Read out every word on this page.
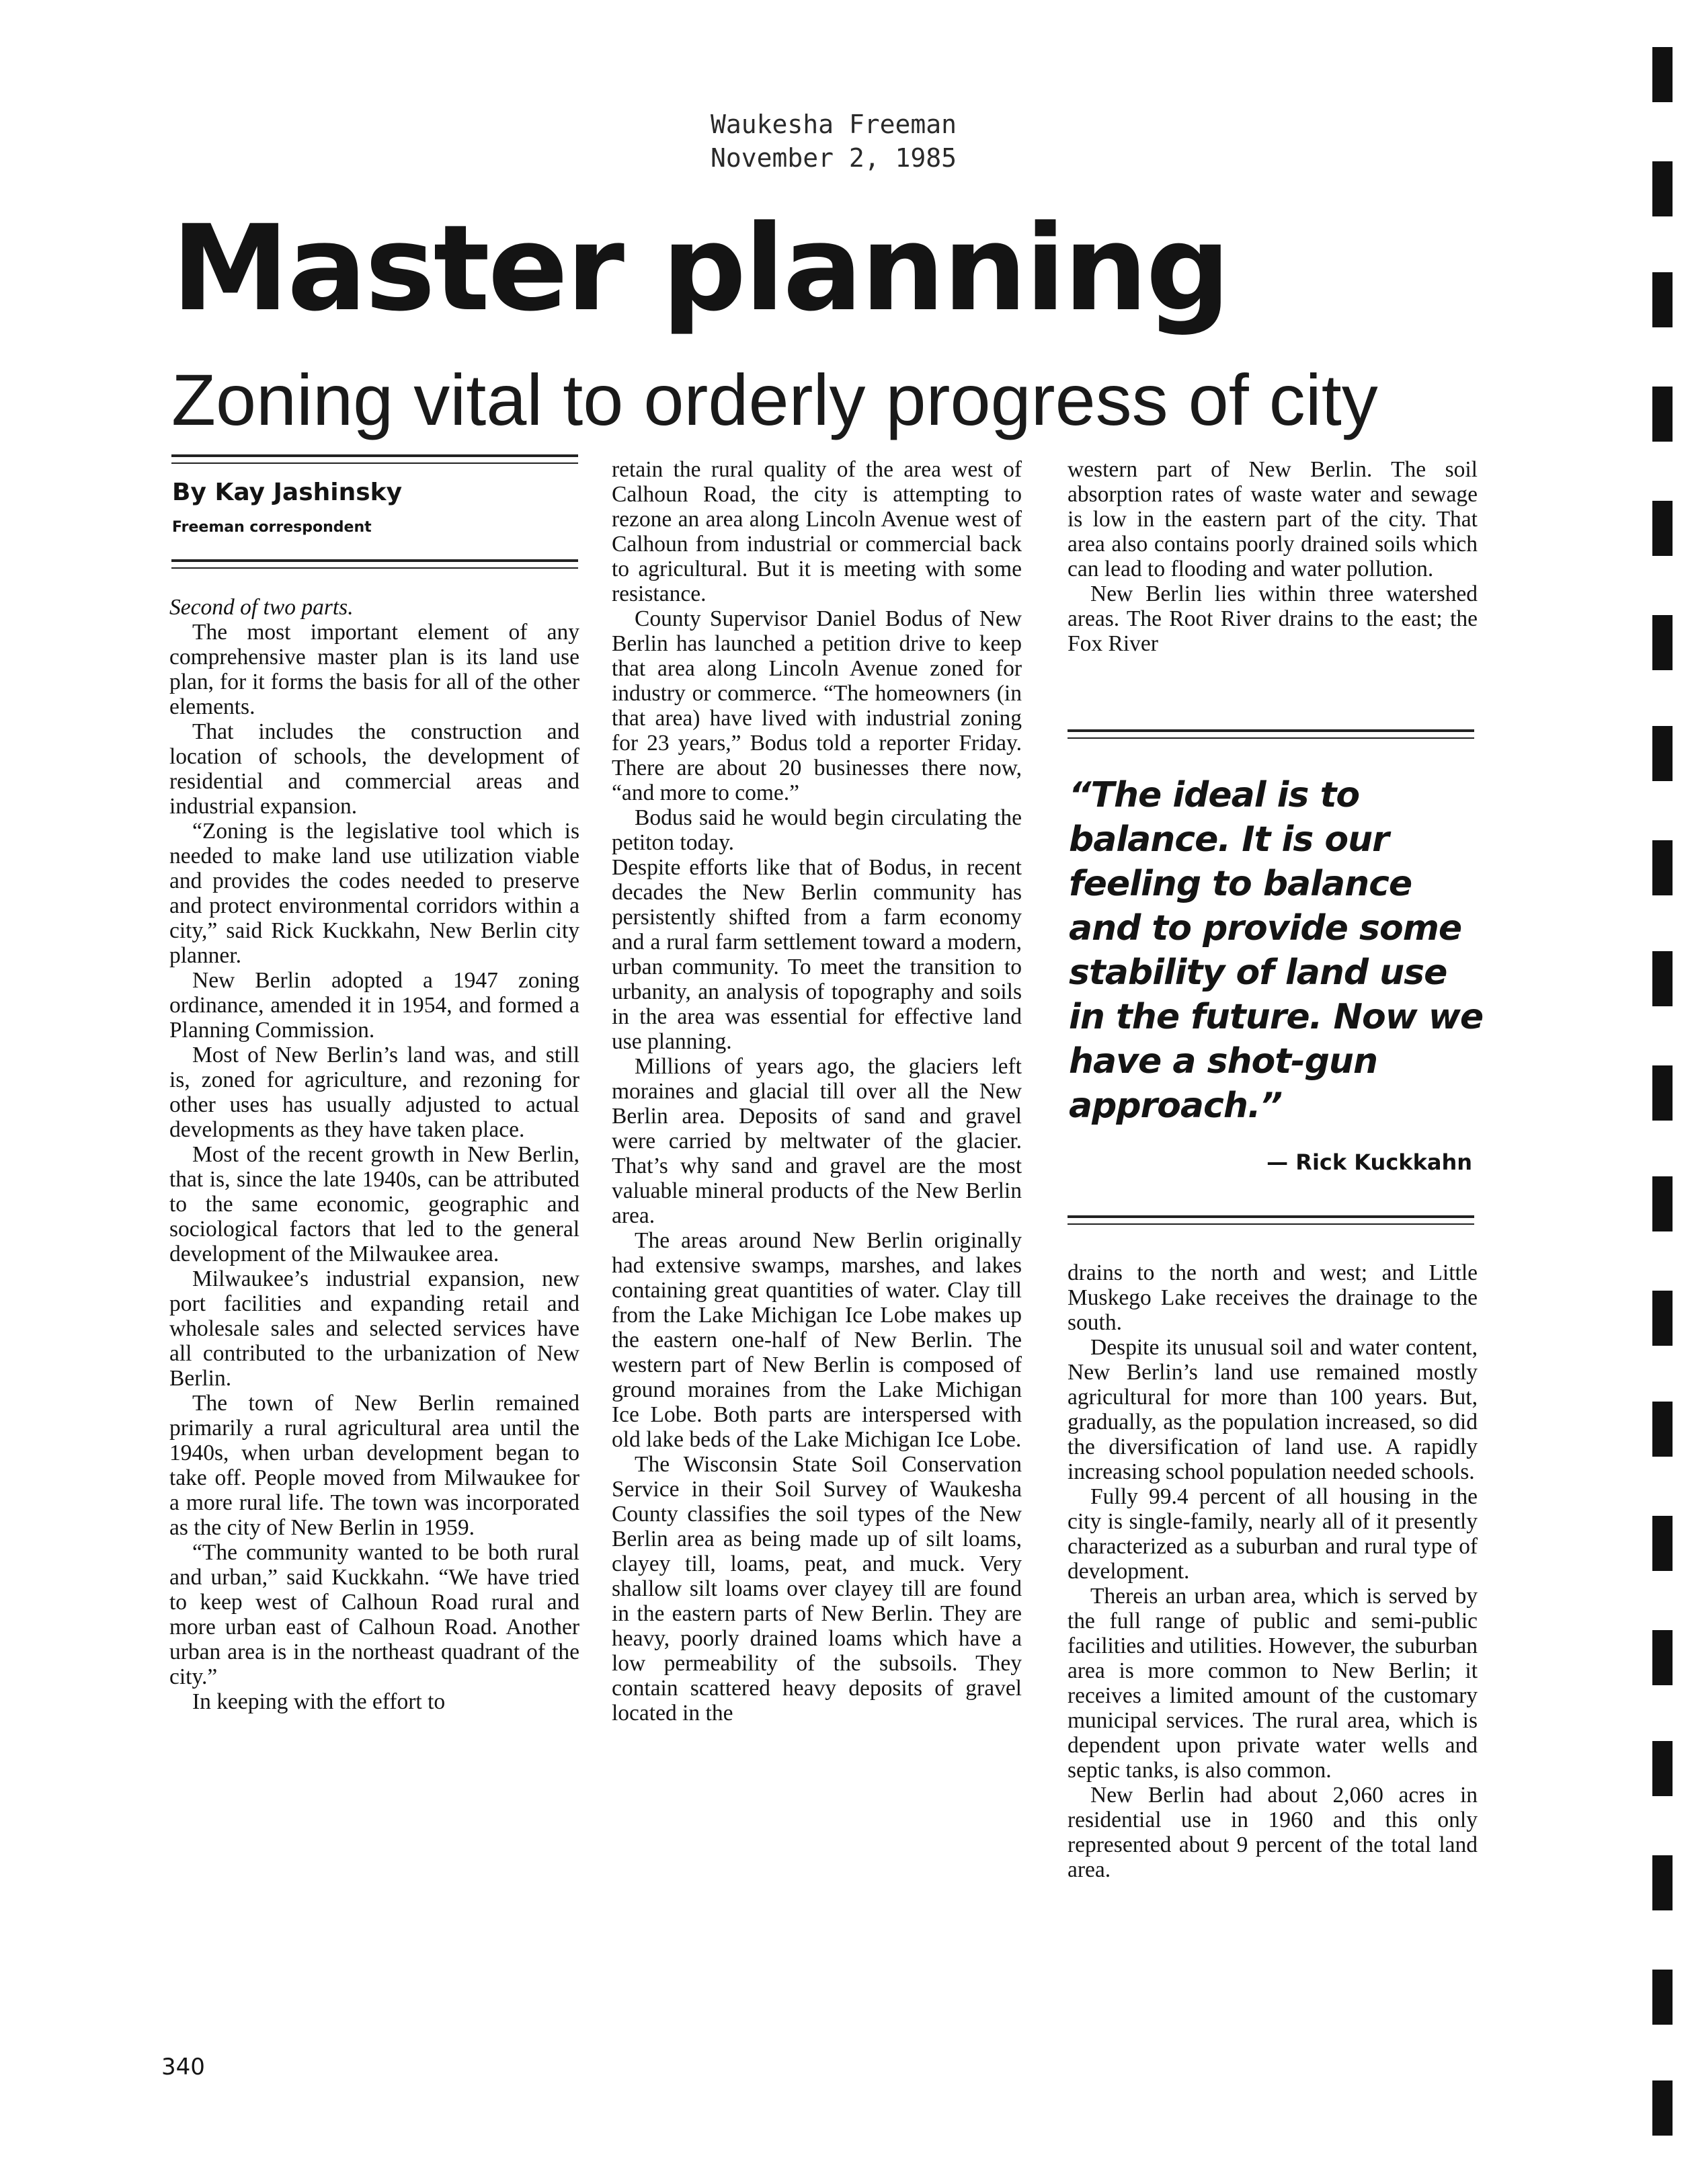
Waukesha Freeman
November 2, 1985
Master planning
Zoning vital to orderly progress of city
By Kay Jashinsky
Freeman correspondent

Second of two parts.

The most important element of any comprehensive master plan is its land use plan, for it forms the basis for all of the other elements.

That includes the construction and location of schools, the development of residential and commercial areas and industrial expansion.

“Zoning is the legislative tool which is needed to make land use utilization viable and provides the codes needed to preserve and protect environmental corridors within a city,” said Rick Kuckkahn, New Berlin city planner.

New Berlin adopted a 1947 zoning ordinance, amended it in 1954, and formed a Planning Commission.

Most of New Berlin’s land was, and still is, zoned for agriculture, and rezoning for other uses has usually adjusted to actual developments as they have taken place.

Most of the recent growth in New Berlin, that is, since the late 1940s, can be attributed to the same economic, geographic and sociological factors that led to the general development of the Milwaukee area.

Milwaukee’s industrial expansion, new port facilities and expanding retail and wholesale sales and selected services have all contributed to the urbanization of New Berlin.

The town of New Berlin remained primarily a rural agricultural area until the 1940s, when urban development began to take off. People moved from Milwaukee for a more rural life. The town was incorporated as the city of New Berlin in 1959.

“The community wanted to be both rural and urban,” said Kuckkahn. “We have tried to keep west of Calhoun Road rural and more urban east of Calhoun Road. Another urban area is in the northeast quadrant of the city.”

In keeping with the effort to

retain the rural quality of the area west of Calhoun Road, the city is attempting to rezone an area along Lincoln Avenue west of Calhoun from industrial or commercial back to agricultural. But it is meeting with some resistance.

County Supervisor Daniel Bodus of New Berlin has launched a petition drive to keep that area along Lincoln Avenue zoned for industry or commerce. “The homeowners (in that area) have lived with industrial zoning for 23 years,” Bodus told a reporter Friday. There are about 20 businesses there now, “and more to come.”

Bodus said he would begin circulating the petiton today.

Despite efforts like that of Bodus, in recent decades the New Berlin community has persistently shifted from a farm economy and a rural farm settlement toward a modern, urban community. To meet the transition to urbanity, an analysis of topography and soils in the area was essential for effective land use planning.

Millions of years ago, the glaciers left moraines and glacial till over all the New Berlin area. Deposits of sand and gravel were carried by meltwater of the glacier. That’s why sand and gravel are the most valuable mineral products of the New Berlin area.

The areas around New Berlin originally had extensive swamps, marshes, and lakes containing great quantities of water. Clay till from the Lake Michigan Ice Lobe makes up the eastern one-half of New Berlin. The western part of New Berlin is composed of ground moraines from the Lake Michigan Ice Lobe. Both parts are interspersed with old lake beds of the Lake Michigan Ice Lobe.

The Wisconsin State Soil Conservation Service in their Soil Survey of Waukesha County classifies the soil types of the New Berlin area as being made up of silt loams, clayey till, loams, peat, and muck. Very shallow silt loams over clayey till are found in the eastern parts of New Berlin. They are heavy, poorly drained loams which have a low permeability of the subsoils. They contain scattered heavy deposits of gravel located in the

western part of New Berlin. The soil absorption rates of waste water and sewage is low in the eastern part of the city. That area also contains poorly drained soils which can lead to flooding and water pollution.

New Berlin lies within three watershed areas. The Root River drains to the east; the Fox River

“The ideal is to balance. It is our feeling to balance and to provide some stability of land use in the future. Now we have a shot-gun approach.”
— Rick Kuckkahn

drains to the north and west; and Little Muskego Lake receives the drainage to the south.

Despite its unusual soil and water content, New Berlin’s land use remained mostly agricultural for more than 100 years. But, gradually, as the population increased, so did the diversification of land use. A rapidly increasing school population needed schools.

Fully 99.4 percent of all housing in the city is single-family, nearly all of it presently characterized as a suburban and rural type of development.

Thereis an urban area, which is served by the full range of public and semi-public facilities and utilities. However, the suburban area is more common to New Berlin; it receives a limited amount of the customary municipal services. The rural area, which is dependent upon private water wells and septic tanks, is also common.

New Berlin had about 2,060 acres in residential use in 1960 and this only represented about 9 percent of the total land area.

340
